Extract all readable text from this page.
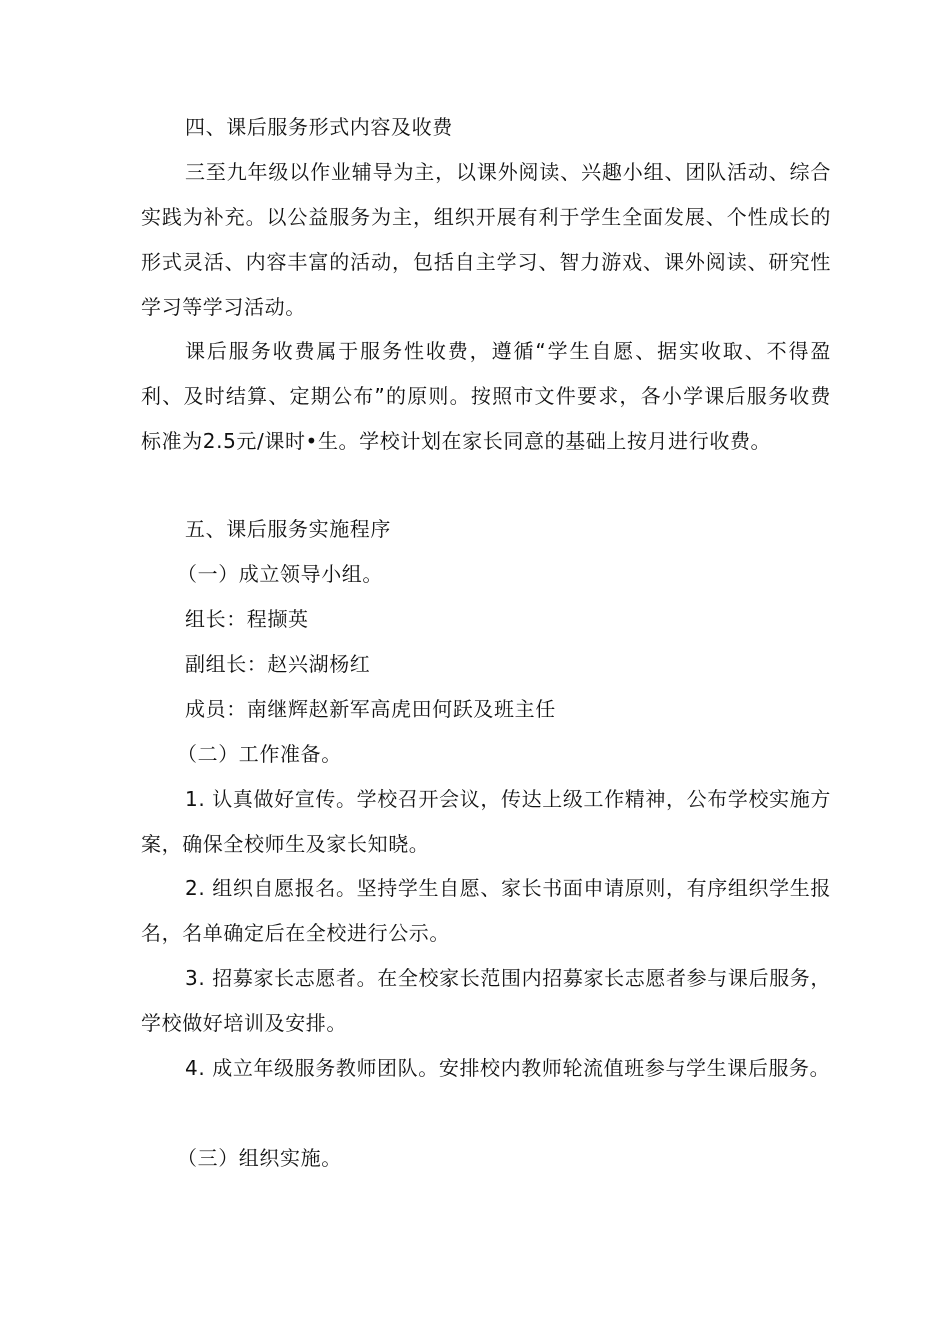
四、课后服务形式内容及收费

三至九年级以作业辅导为主，以课外阅读、兴趣小组、团队活动、综合实践为补充。以公益服务为主，组织开展有利于学生全面发展、个性成长的形式灵活、内容丰富的活动，包括自主学习、智力游戏、课外阅读、研究性学习等学习活动。

课后服务收费属于服务性收费，遵循“学生自愿、据实收取、不得盈利、及时结算、定期公布”的原则。按照市文件要求，各小学课后服务收费标准为2.5元/课时•生。学校计划在家长同意的基础上按月进行收费。

五、课后服务实施程序

（一）成立领导小组。

组长：程撷英

副组长：赵兴湖杨红

成员：南继辉赵新军高虎田何跃及班主任

（二）工作准备。

1. 认真做好宣传。学校召开会议，传达上级工作精神，公布学校实施方案，确保全校师生及家长知晓。

2. 组织自愿报名。坚持学生自愿、家长书面申请原则，有序组织学生报名，名单确定后在全校进行公示。

3. 招募家长志愿者。在全校家长范围内招募家长志愿者参与课后服务，学校做好培训及安排。

4. 成立年级服务教师团队。安排校内教师轮流值班参与学生课后服务。

（三）组织实施。
